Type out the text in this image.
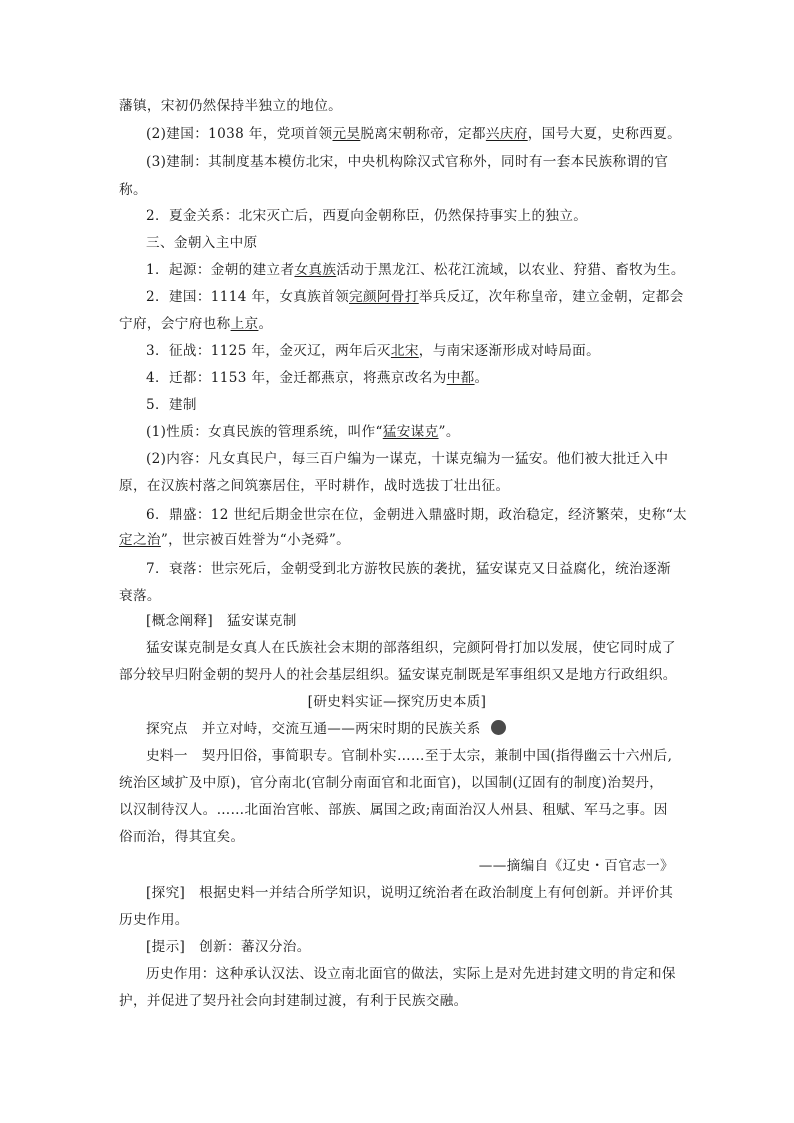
藩镇，宋初仍然保持半独立的地位。
(2)建国：1038 年，党项首领元昊脱离宋朝称帝，定都兴庆府，国号大夏，史称西夏。
(3)建制：其制度基本模仿北宋，中央机构除汉式官称外，同时有一套本民族称谓的官
称。
2．夏金关系：北宋灭亡后，西夏向金朝称臣，仍然保持事实上的独立。
三、金朝入主中原
1．起源：金朝的建立者女真族活动于黑龙江、松花江流域，以农业、狩猎、畜牧为生。
2．建国：1114 年，女真族首领完颜阿骨打举兵反辽，次年称皇帝，建立金朝，定都会
宁府，会宁府也称上京。
3．征战：1125 年，金灭辽，两年后灭北宋，与南宋逐渐形成对峙局面。
4．迁都：1153 年，金迁都燕京，将燕京改名为中都。
5．建制
(1)性质：女真民族的管理系统，叫作“猛安谋克”。
(2)内容：凡女真民户，每三百户编为一谋克，十谋克编为一猛安。他们被大批迁入中
原，在汉族村落之间筑寨居住，平时耕作，战时选拔丁壮出征。
6．鼎盛：12 世纪后期金世宗在位，金朝进入鼎盛时期，政治稳定，经济繁荣，史称“太
定之治”，世宗被百姓誉为“小尧舜”。
7．衰落：世宗死后，金朝受到北方游牧民族的袭扰，猛安谋克又日益腐化，统治逐渐
衰落。
[概念阐释]　猛安谋克制
猛安谋克制是女真人在氏族社会末期的部落组织，完颜阿骨打加以发展，使它同时成了
部分较早归附金朝的契丹人的社会基层组织。猛安谋克制既是军事组织又是地方行政组织。
[研史料实证—探究历史本质]
探究点　并立对峙，交流互通——两宋时期的民族关系
史料一　契丹旧俗，事简职专。官制朴实……至于太宗，兼制中国(指得幽云十六州后,
统治区域扩及中原)，官分南北(官制分南面官和北面官)，以国制(辽固有的制度)治契丹，
以汉制待汉人。……北面治宫帐、部族、属国之政;南面治汉人州县、租赋、军马之事。因
俗而治，得其宜矣。
——摘编自《辽史・百官志一》
[探究]　根据史料一并结合所学知识，说明辽统治者在政治制度上有何创新。并评价其
历史作用。
[提示]　创新：蕃汉分治。
历史作用：这种承认汉法、设立南北面官的做法，实际上是对先进封建文明的肯定和保
护，并促进了契丹社会向封建制过渡，有利于民族交融。
